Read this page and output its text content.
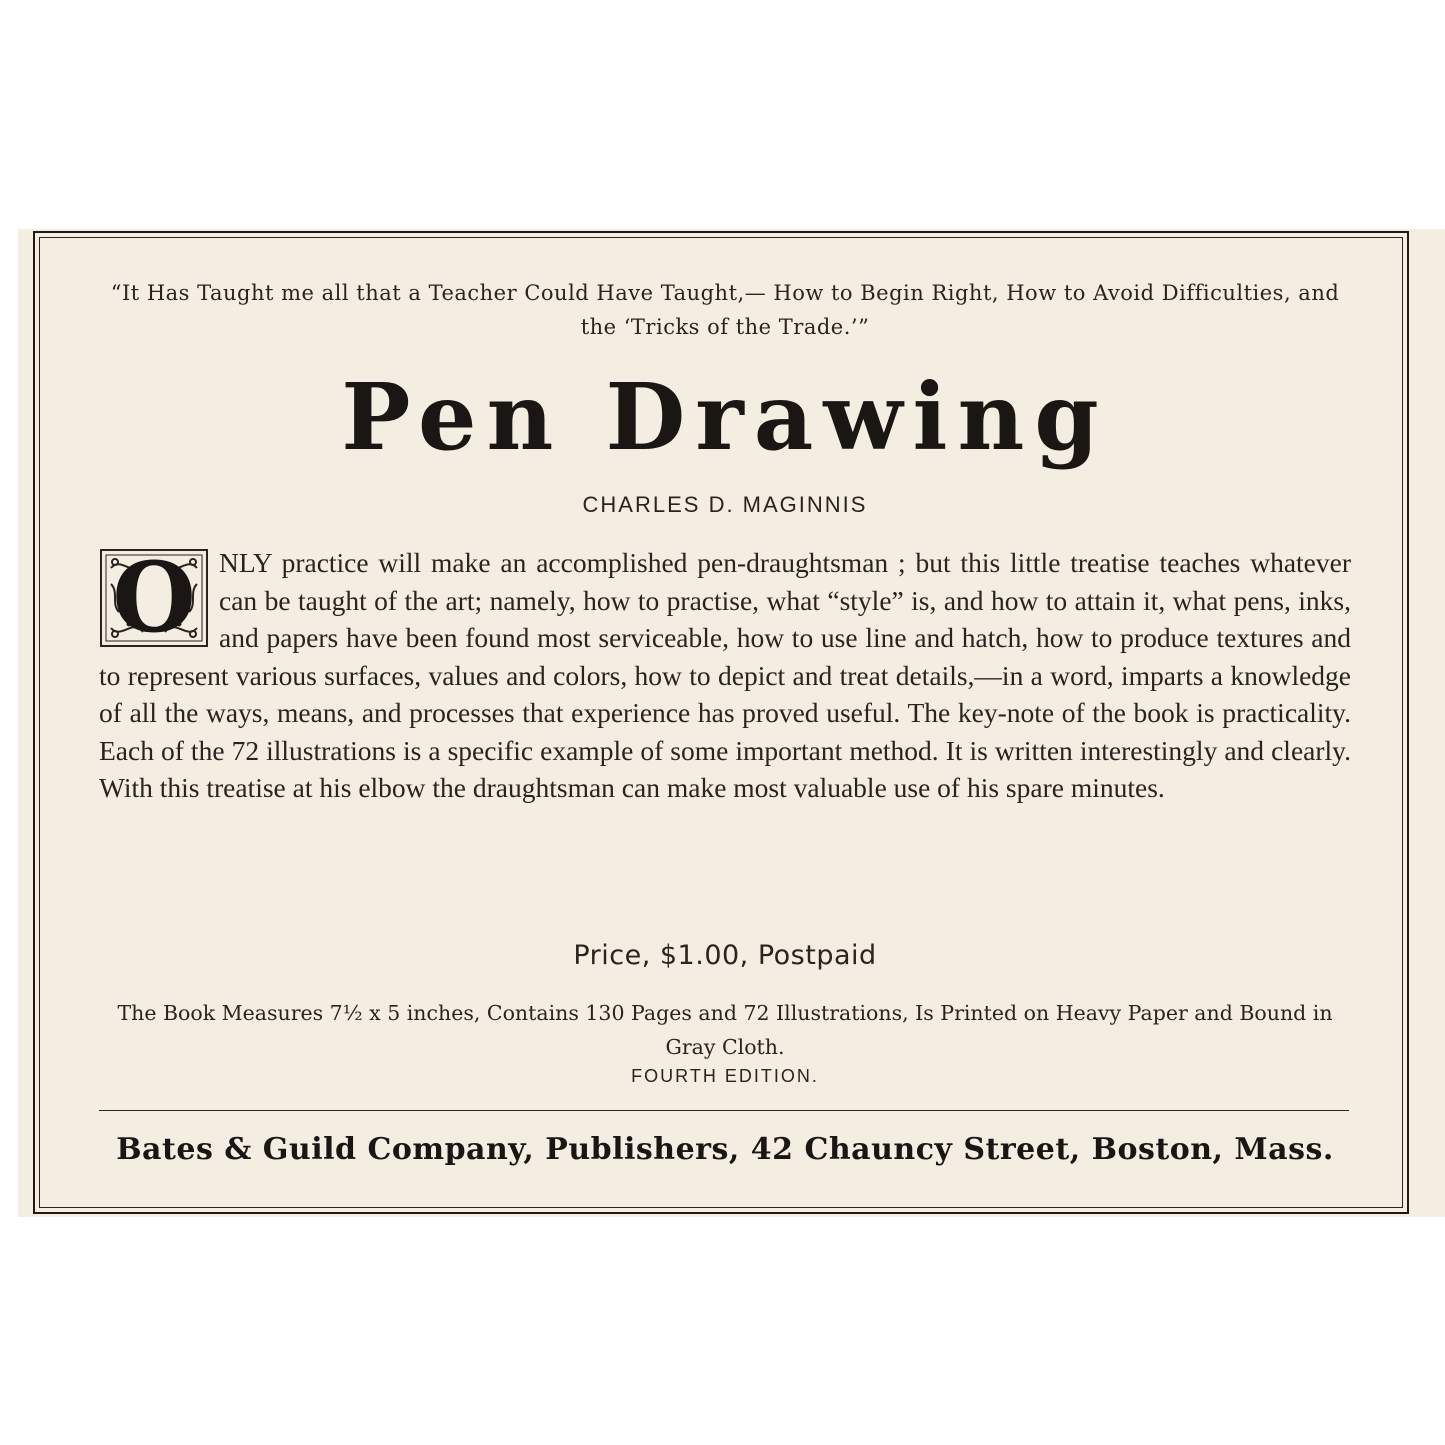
“It Has Taught me all that a Teacher Could Have Taught,— How to Begin Right, How to Avoid Difficulties, and the ‘Tricks of the Trade.’”
Pen Drawing
CHARLES D. MAGINNIS
O NLY practice will make an accomplished pen-draughtsman ; but this little treatise teaches whatever can be taught of the art; namely, how to practise, what “style” is, and how to attain it, what pens, inks, and papers have been found most serviceable, how to use line and hatch, how to produce textures and to represent various surfaces, values and colors, how to depict and treat details,—in a word, imparts a knowledge of all the ways, means, and processes that experience has proved useful. The key-note of the book is practicality. Each of the 72 illustrations is a specific example of some important method. It is written interestingly and clearly. With this treatise at his elbow the draughtsman can make most valuable use of his spare minutes.
Price, $1.00, Postpaid
The Book Measures 7½ x 5 inches, Contains 130 Pages and 72 Illustrations, Is Printed on Heavy Paper and Bound in Gray Cloth.
FOURTH EDITION.
Bates & Guild Company, Publishers, 42 Chauncy Street, Boston, Mass.
